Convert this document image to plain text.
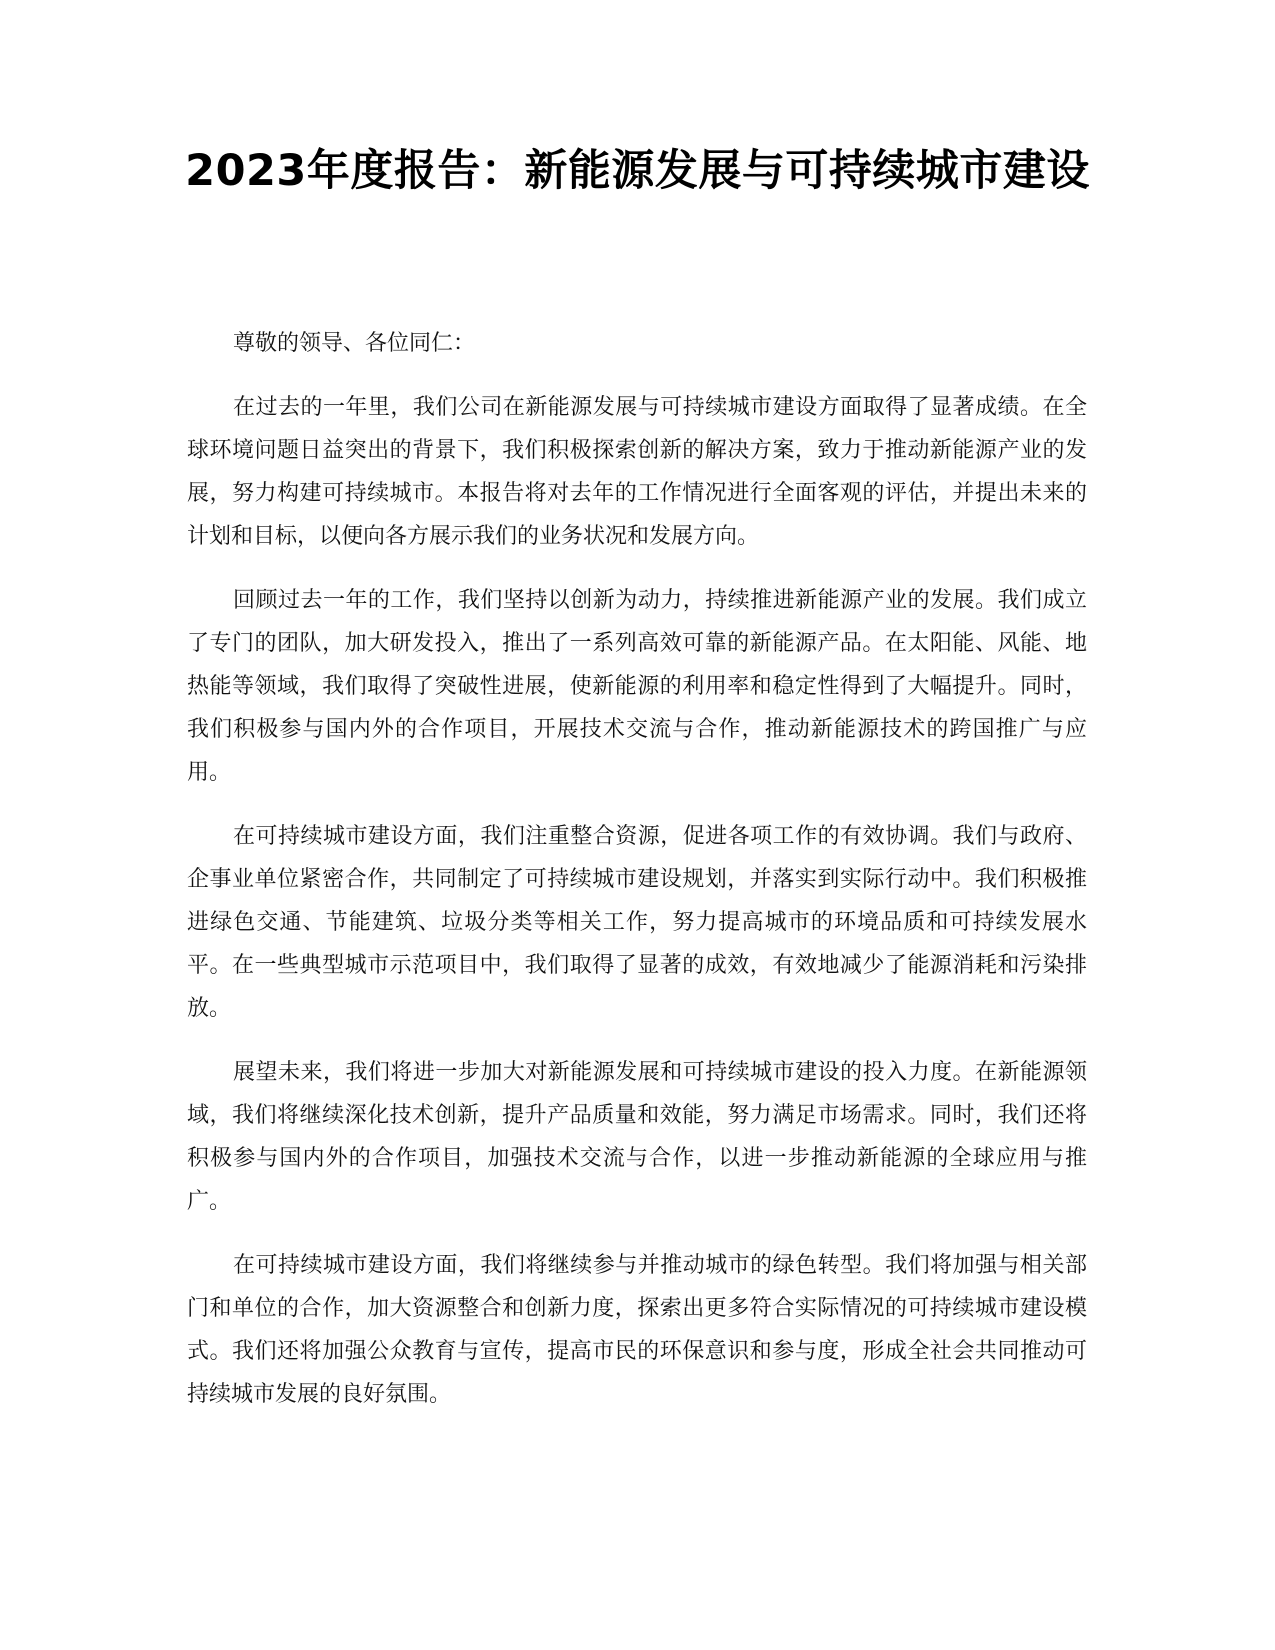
2023年度报告：新能源发展与可持续城市建设

尊敬的领导、各位同仁：

在过去的一年里，我们公司在新能源发展与可持续城市建设方面取得了显著成绩。在全球环境问题日益突出的背景下，我们积极探索创新的解决方案，致力于推动新能源产业的发展，努力构建可持续城市。本报告将对去年的工作情况进行全面客观的评估，并提出未来的计划和目标，以便向各方展示我们的业务状况和发展方向。

回顾过去一年的工作，我们坚持以创新为动力，持续推进新能源产业的发展。我们成立了专门的团队，加大研发投入，推出了一系列高效可靠的新能源产品。在太阳能、风能、地热能等领域，我们取得了突破性进展，使新能源的利用率和稳定性得到了大幅提升。同时，我们积极参与国内外的合作项目，开展技术交流与合作，推动新能源技术的跨国推广与应用。

在可持续城市建设方面，我们注重整合资源，促进各项工作的有效协调。我们与政府、企事业单位紧密合作，共同制定了可持续城市建设规划，并落实到实际行动中。我们积极推进绿色交通、节能建筑、垃圾分类等相关工作，努力提高城市的环境品质和可持续发展水平。在一些典型城市示范项目中，我们取得了显著的成效，有效地减少了能源消耗和污染排放。

展望未来，我们将进一步加大对新能源发展和可持续城市建设的投入力度。在新能源领域，我们将继续深化技术创新，提升产品质量和效能，努力满足市场需求。同时，我们还将积极参与国内外的合作项目，加强技术交流与合作，以进一步推动新能源的全球应用与推广。

在可持续城市建设方面，我们将继续参与并推动城市的绿色转型。我们将加强与相关部门和单位的合作，加大资源整合和创新力度，探索出更多符合实际情况的可持续城市建设模式。我们还将加强公众教育与宣传，提高市民的环保意识和参与度，形成全社会共同推动可持续城市发展的良好氛围。
